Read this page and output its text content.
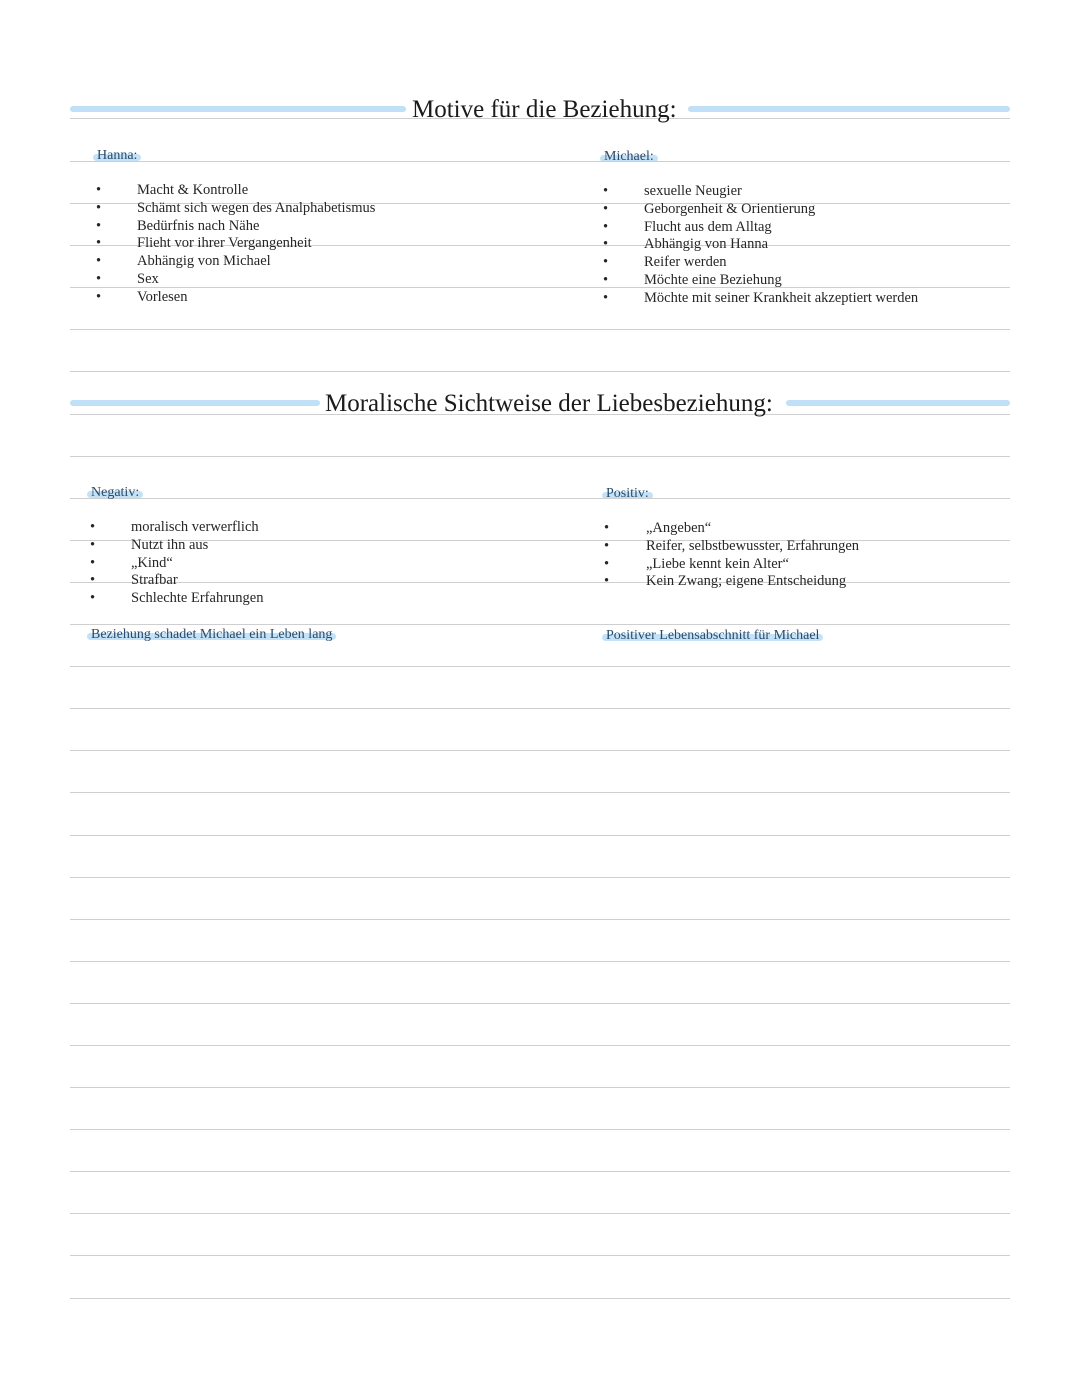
Motive für die Beziehung:
Hanna:	Michael:
• Macht & Kontrolle
• Schämt sich wegen des Analphabetismus
• Bedürfnis nach Nähe
• Flieht vor ihrer Vergangenheit
• Abhängig von Michael
• Sex
• Vorlesen
• sexuelle Neugier
• Geborgenheit & Orientierung
• Flucht aus dem Alltag
• Abhängig von Hanna
• Reifer werden
• Möchte eine Beziehung
• Möchte mit seiner Krankheit akzeptiert werden
Moralische Sichtweise der Liebesbeziehung:
Negativ:	Positiv:
• moralisch verwerflich
• Nutzt ihn aus
• „Kind“
• Strafbar
• Schlechte Erfahrungen
•	„Angeben“
•	Reifer, selbstbewusster, Erfahrungen
•	„Liebe kennt kein Alter“
•	Kein Zwang; eigene Entscheidung
Beziehung schadet Michael ein Leben lang	Positiver Lebensabschnitt für Michael
